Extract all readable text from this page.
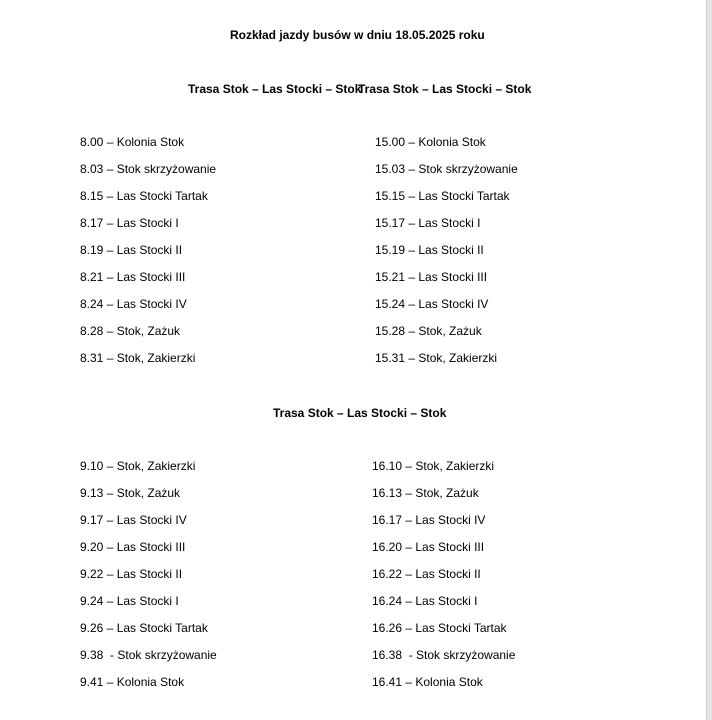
Rozkład jazdy busów w dniu 18.05.2025 roku
Trasa Stok – Las Stocki – Stok
Trasa Stok – Las Stocki – Stok
8.00 – Kolonia Stok
8.03 – Stok skrzyżowanie
8.15 – Las Stocki Tartak
8.17 – Las Stocki I
8.19 – Las Stocki II
8.21 – Las Stocki III
8.24 – Las Stocki IV
8.28 – Stok, Zażuk
8.31 – Stok, Zakierzki
15.00 – Kolonia Stok
15.03 – Stok skrzyżowanie
15.15 – Las Stocki Tartak
15.17 – Las Stocki I
15.19 – Las Stocki II
15.21 – Las Stocki III
15.24 – Las Stocki IV
15.28 – Stok, Zażuk
15.31 – Stok, Zakierzki
Trasa Stok – Las Stocki – Stok
9.10 – Stok, Zakierzki
9.13 – Stok, Zażuk
9.17 – Las Stocki IV
9.20 – Las Stocki III
9.22 – Las Stocki II
9.24 – Las Stocki I
9.26 – Las Stocki Tartak
9.38  - Stok skrzyżowanie
9.41 – Kolonia Stok
16.10 – Stok, Zakierzki
16.13 – Stok, Zażuk
16.17 – Las Stocki IV
16.20 – Las Stocki III
16.22 – Las Stocki II
16.24 – Las Stocki I
16.26 – Las Stocki Tartak
16.38  - Stok skrzyżowanie
16.41 – Kolonia Stok
